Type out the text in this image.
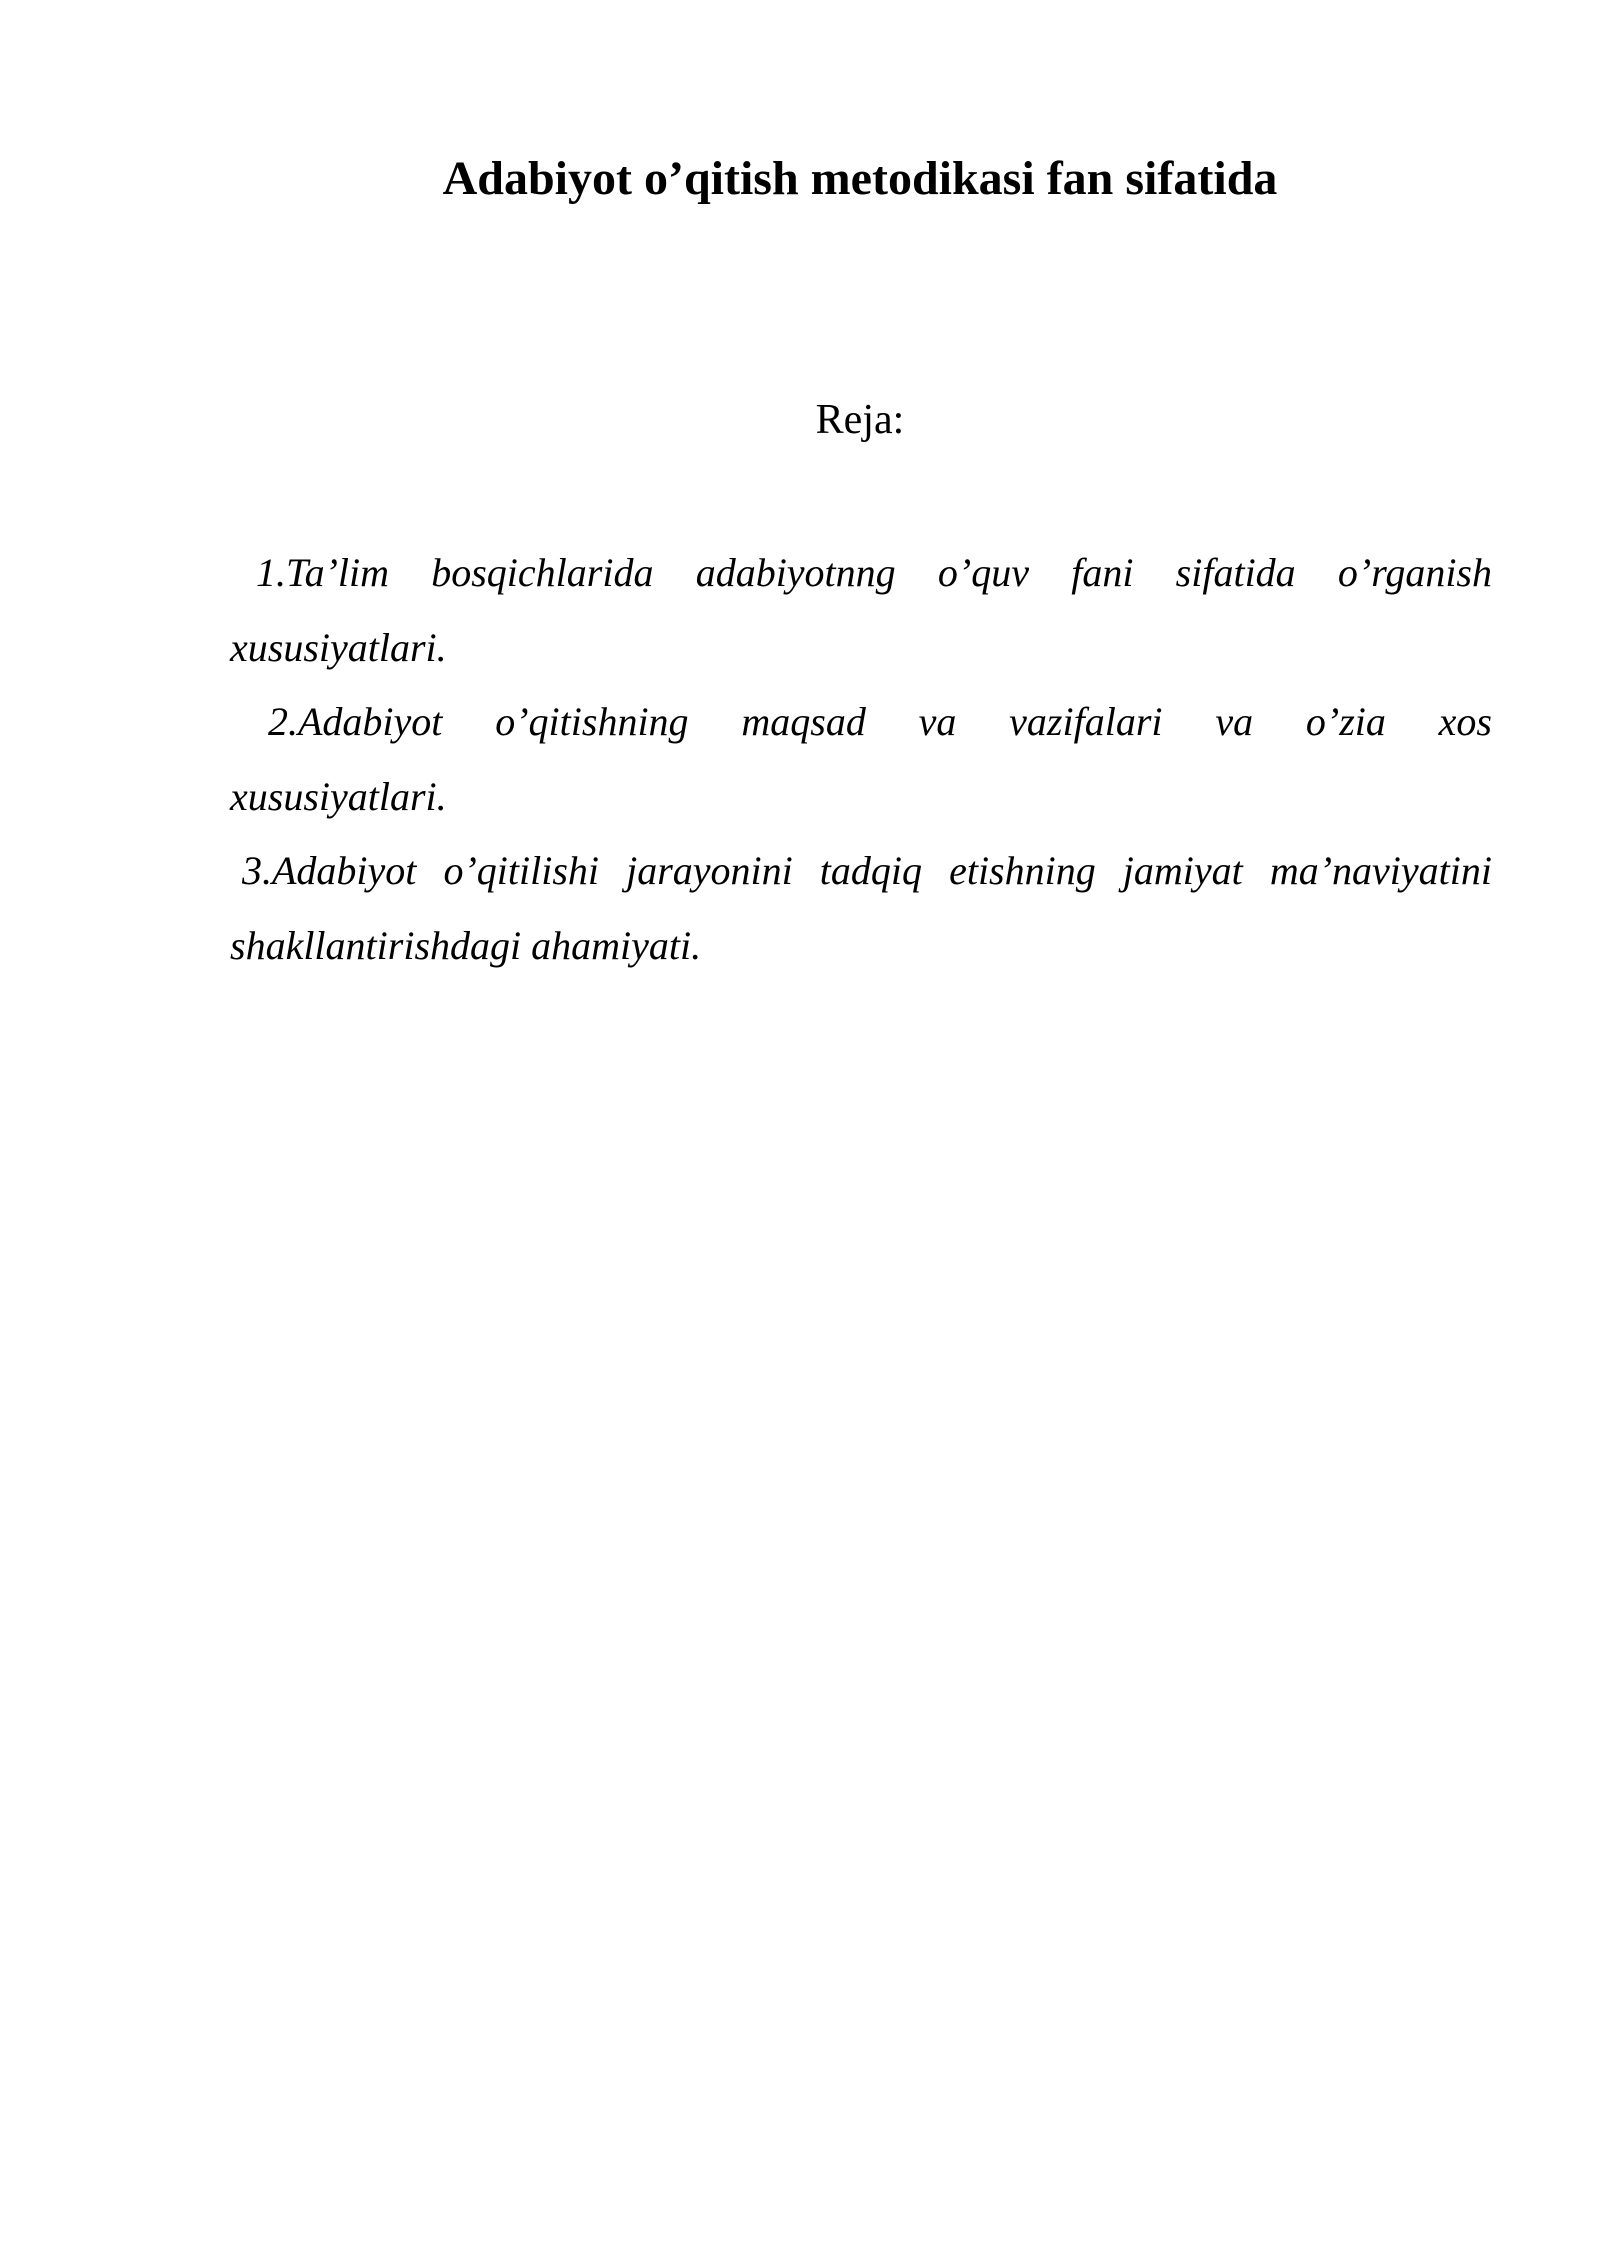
Adabiyot o’qitish metodikasi fan sifatida
Reja:
1.Ta’lim bosqichlarida adabiyotnng o’quv fani sifatida o’rganish xususiyatlari.
2.Adabiyot o’qitishning maqsad va vazifalari va o’zia xos xususiyatlari.
3.Adabiyot o’qitilishi jarayonini tadqiq etishning jamiyat ma’naviyatini shakllantirishdagi ahamiyati.
